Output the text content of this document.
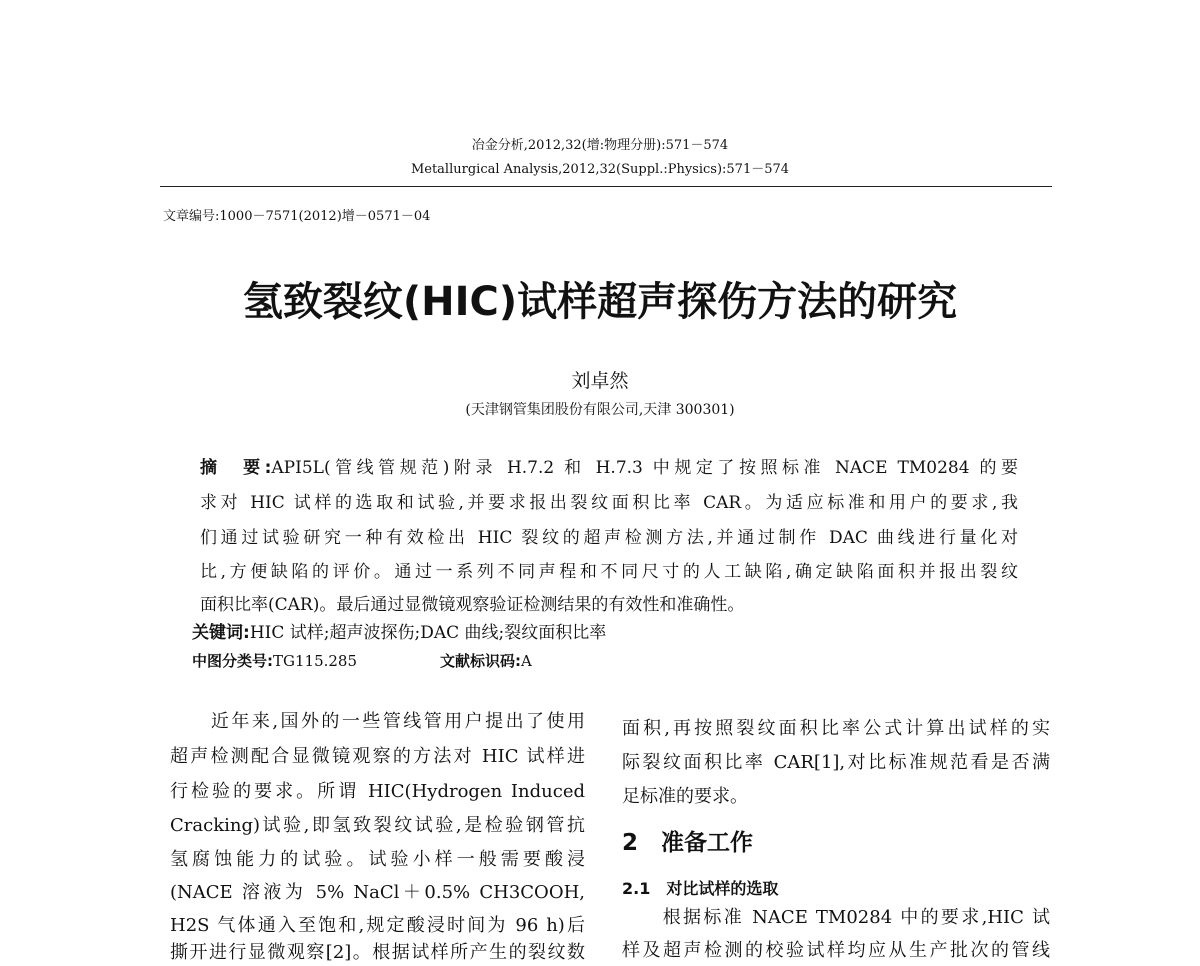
冶金分析,2012,32(增:物理分册):571－574
Metallurgical Analysis,2012,32(Suppl.:Physics):571－574
文章编号:1000－7571(2012)增－0571－04
氢致裂纹(HIC)试样超声探伤方法的研究
刘卓然
(天津钢管集团股份有限公司,天津 300301)
摘　要:API5L(管线管规范)附录 H.7.2 和 H.7.3 中规定了按照标准 NACE TM0284 的要
求对 HIC 试样的选取和试验,并要求报出裂纹面积比率 CAR。为适应标准和用户的要求,我
们通过试验研究一种有效检出 HIC 裂纹的超声检测方法,并通过制作 DAC 曲线进行量化对
比,方便缺陷的评价。通过一系列不同声程和不同尺寸的人工缺陷,确定缺陷面积并报出裂纹
面积比率(CAR)。最后通过显微镜观察验证检测结果的有效性和准确性。
关键词:HIC 试样;超声波探伤;DAC 曲线;裂纹面积比率
中图分类号:TG115.285	文献标识码:A
　　近年来,国外的一些管线管用户提出了使用
超声检测配合显微镜观察的方法对 HIC 试样进
行检验的要求。所谓 HIC(Hydrogen Induced
Cracking)试验,即氢致裂纹试验,是检验钢管抗
氢腐蚀能力的试验。试验小样一般需要酸浸
(NACE 溶液为 5% NaCl＋0.5% CH3COOH,
H2S 气体通入至饱和,规定酸浸时间为 96 h)后
撕开进行显微观察[2]。根据试样所产生的裂纹数
面积,再按照裂纹面积比率公式计算出试样的实
际裂纹面积比率 CAR[1],对比标准规范看是否满
足标准的要求。
2　准备工作
2.1　对比试样的选取
　　根据标准 NACE TM0284 中的要求,HIC 试
样及超声检测的校验试样均应从生产批次的管线
